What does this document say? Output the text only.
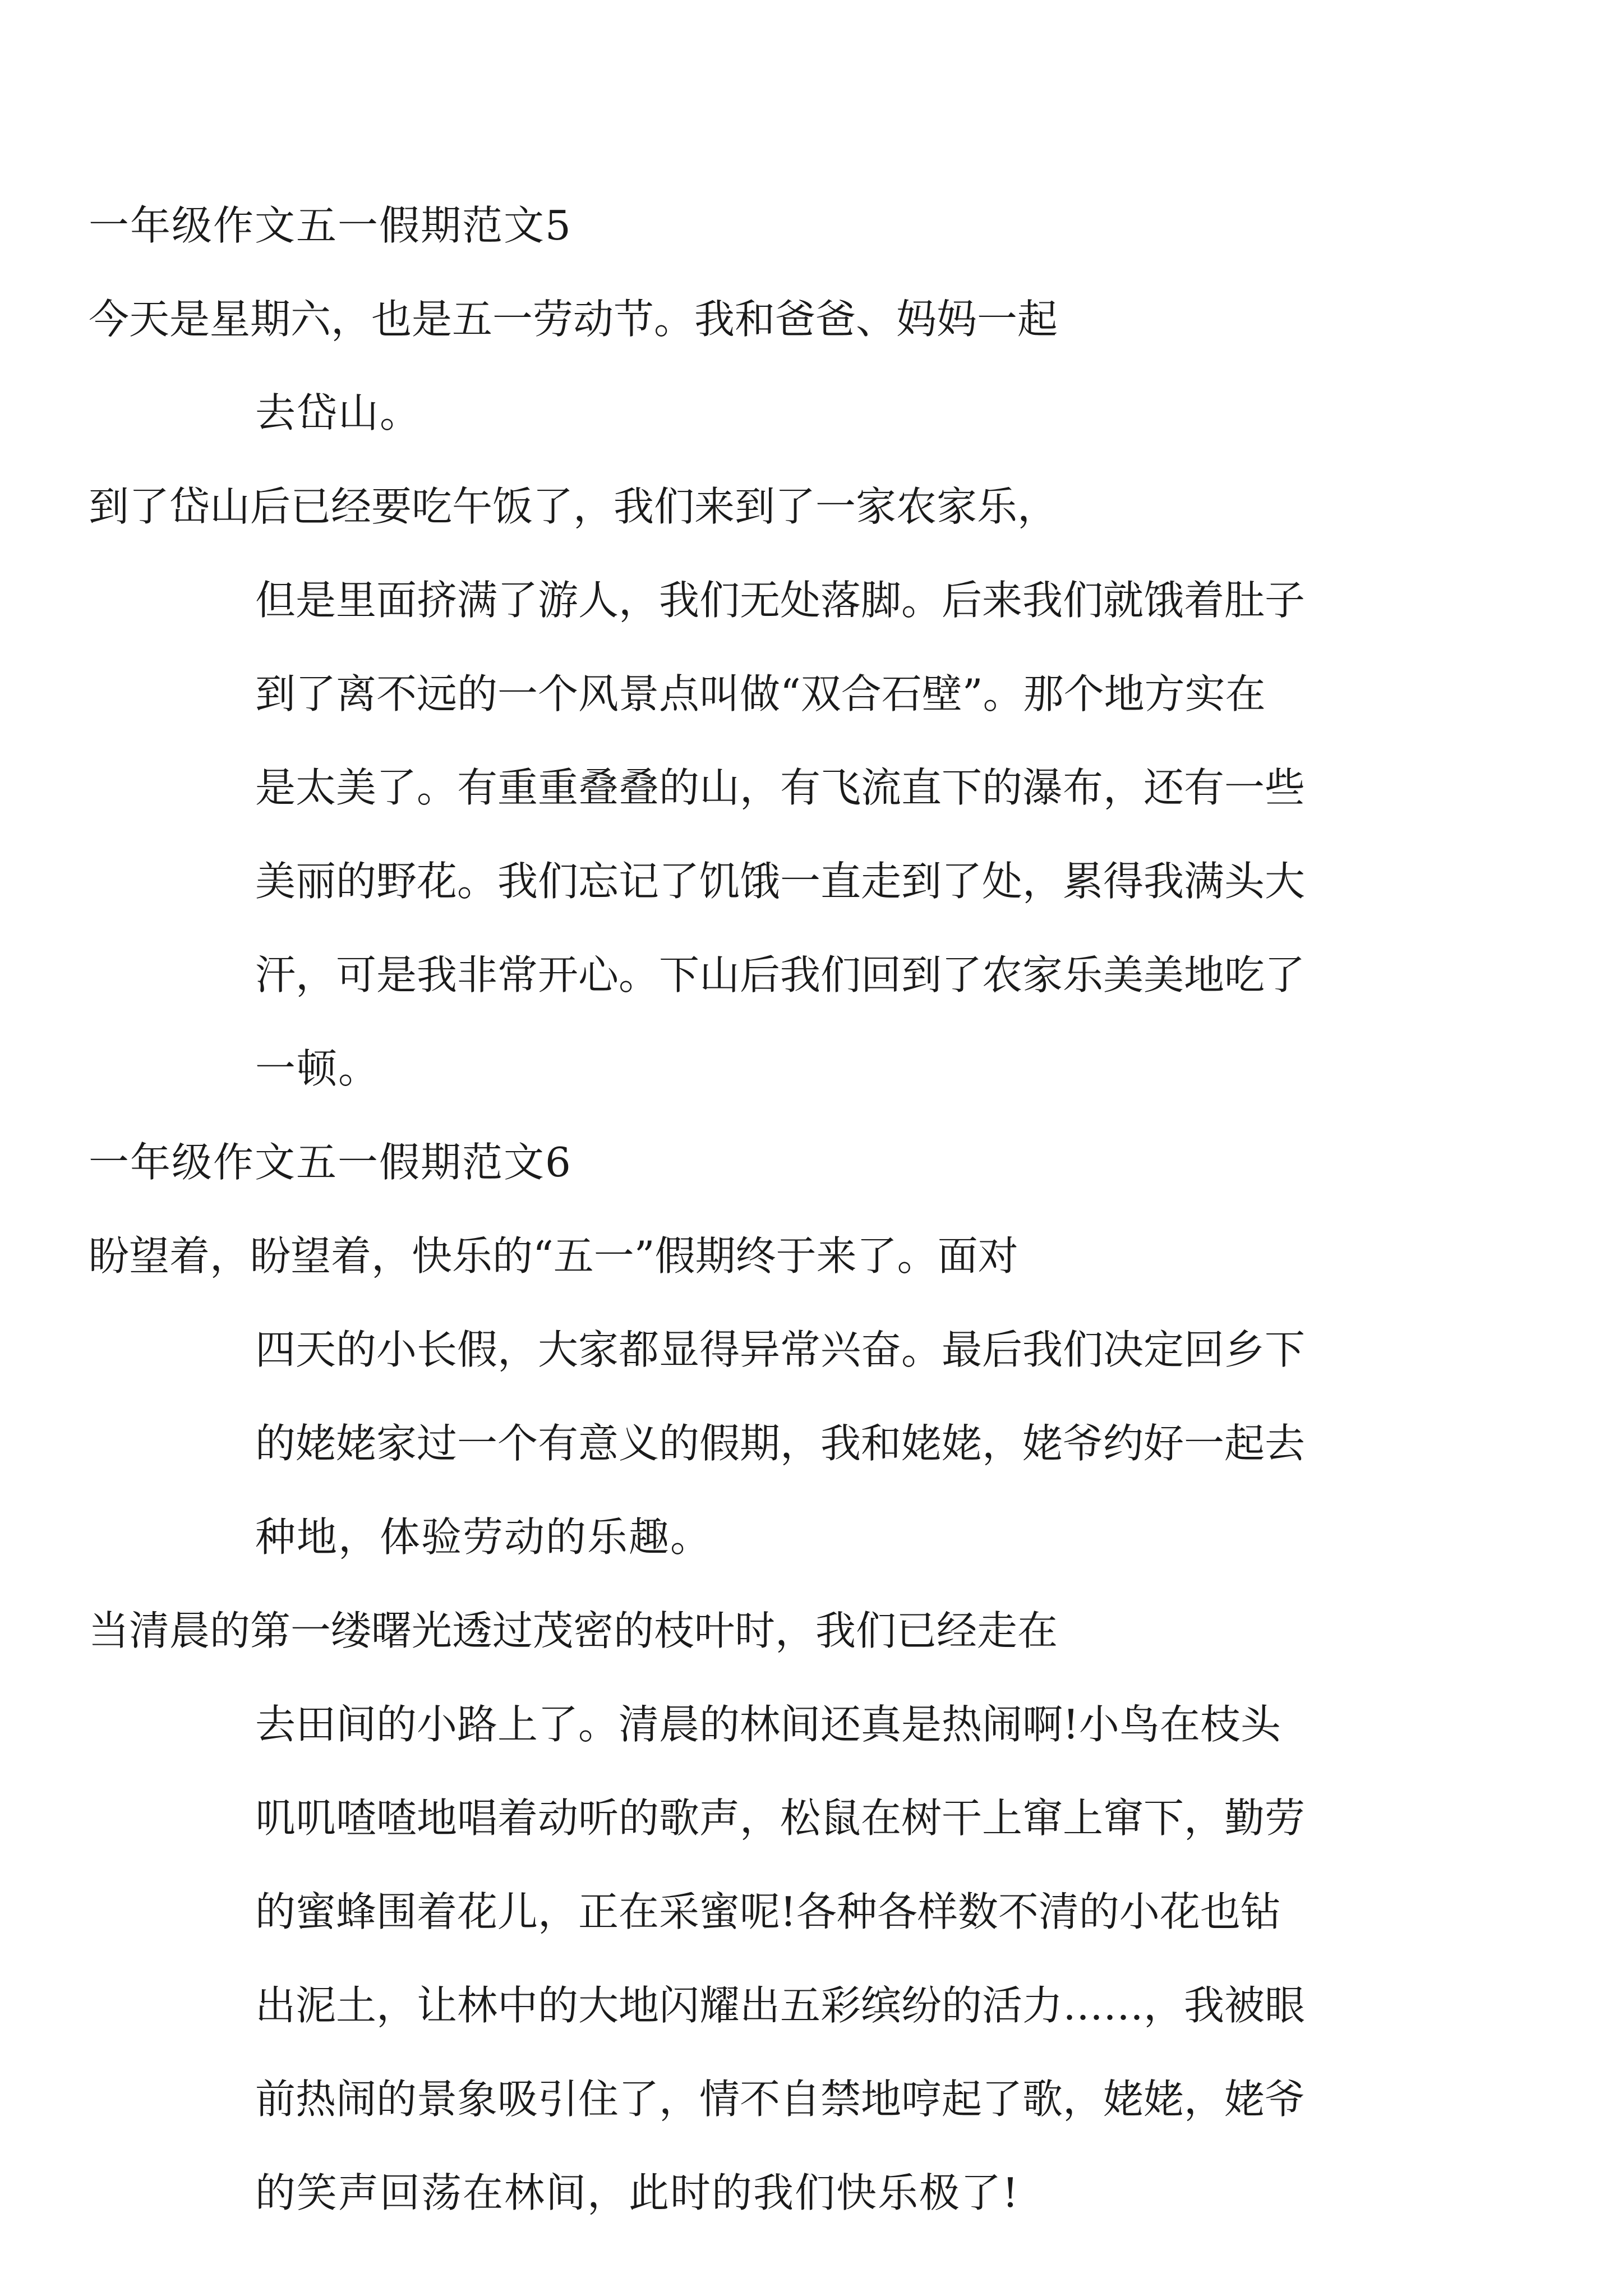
一年级作文五一假期范文5

今天是星期六，也是五一劳动节。我和爸爸、妈妈一起

去岱山。

到了岱山后已经要吃午饭了，我们来到了一家农家乐，

但是里面挤满了游人，我们无处落脚。后来我们就饿着肚子

到了离不远的一个风景点叫做“双合石壁”。那个地方实在

是太美了。有重重叠叠的山，有飞流直下的瀑布，还有一些

美丽的野花。我们忘记了饥饿一直走到了处，累得我满头大

汗，可是我非常开心。下山后我们回到了农家乐美美地吃了

一顿。

一年级作文五一假期范文6

盼望着，盼望着，快乐的“五一”假期终于来了。面对

四天的小长假，大家都显得异常兴奋。最后我们决定回乡下

的姥姥家过一个有意义的假期，我和姥姥，姥爷约好一起去

种地，体验劳动的乐趣。

当清晨的第一缕曙光透过茂密的枝叶时，我们已经走在

去田间的小路上了。清晨的林间还真是热闹啊!小鸟在枝头

叽叽喳喳地唱着动听的歌声，松鼠在树干上窜上窜下，勤劳

的蜜蜂围着花儿，正在采蜜呢!各种各样数不清的小花也钻

出泥土，让林中的大地闪耀出五彩缤纷的活力……，我被眼

前热闹的景象吸引住了，情不自禁地哼起了歌，姥姥，姥爷

的笑声回荡在林间，此时的我们快乐极了!
